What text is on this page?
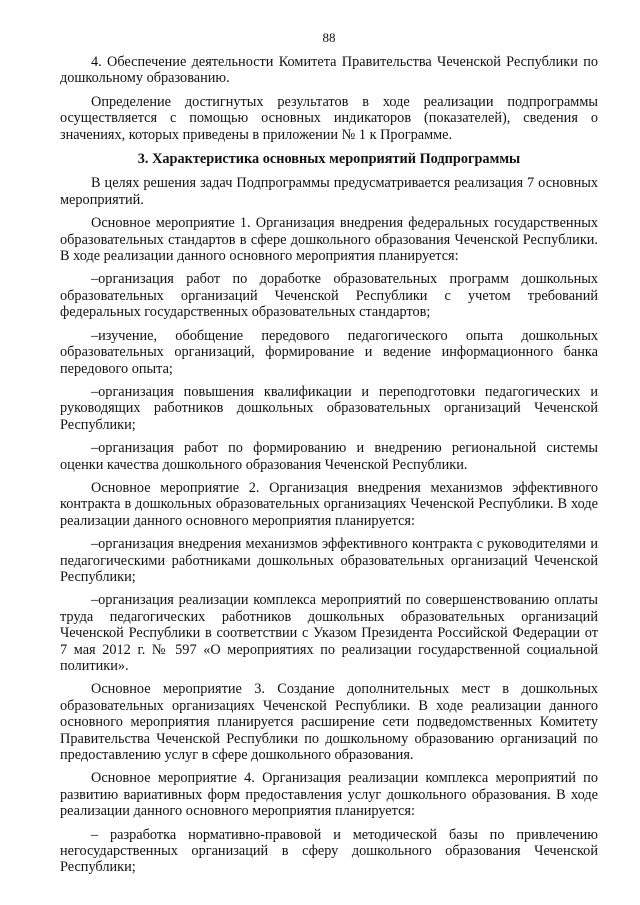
88

4. Обеспечение деятельности Комитета Правительства Чеченской Республики по дошкольному образованию.

Определение достигнутых результатов в ходе реализации подпрограммы осуществляется с помощью основных индикаторов (показателей), сведения о значениях, которых приведены в приложении № 1 к Программе.

3. Характеристика основных мероприятий Подпрограммы

В целях решения задач Подпрограммы предусматривается реализация 7 основных мероприятий.

Основное мероприятие 1. Организация внедрения федеральных государственных образовательных стандартов в сфере дошкольного образования Чеченской Республики. В ходе реализации данного основного мероприятия планируется:

–организация работ по доработке образовательных программ дошкольных образовательных организаций Чеченской Республики с учетом требований федеральных государственных образовательных стандартов;

–изучение, обобщение передового педагогического опыта дошкольных образовательных организаций, формирование и ведение информационного банка передового опыта;

–организация повышения квалификации и переподготовки педагогических и руководящих работников дошкольных образовательных организаций Чеченской Республики;

–организация работ по формированию и внедрению региональной системы оценки качества дошкольного образования Чеченской Республики.

Основное мероприятие 2. Организация внедрения механизмов эффективного контракта в дошкольных образовательных организациях Чеченской Республики. В ходе реализации данного основного мероприятия планируется:

–организация внедрения механизмов эффективного контракта с руководителями и педагогическими работниками дошкольных образовательных организаций Чеченской Республики;

–организация реализации комплекса мероприятий по совершенствованию оплаты труда педагогических работников дошкольных образовательных организаций Чеченской Республики в соответствии с Указом Президента Российской Федерации от 7 мая 2012 г. № 597 «О мероприятиях по реализации государственной социальной политики».

Основное мероприятие 3. Создание дополнительных мест в дошкольных образовательных организациях Чеченской Республики. В ходе реализации данного основного мероприятия планируется расширение сети подведомственных Комитету Правительства Чеченской Республики по дошкольному образованию организаций по предоставлению услуг в сфере дошкольного образования.

Основное мероприятие 4. Организация реализации комплекса мероприятий по развитию вариативных форм предоставления услуг дошкольного образования. В ходе реализации данного основного мероприятия планируется:

– разработка нормативно-правовой и методической базы по привлечению негосударственных организаций в сферу дошкольного образования Чеченской Республики;
